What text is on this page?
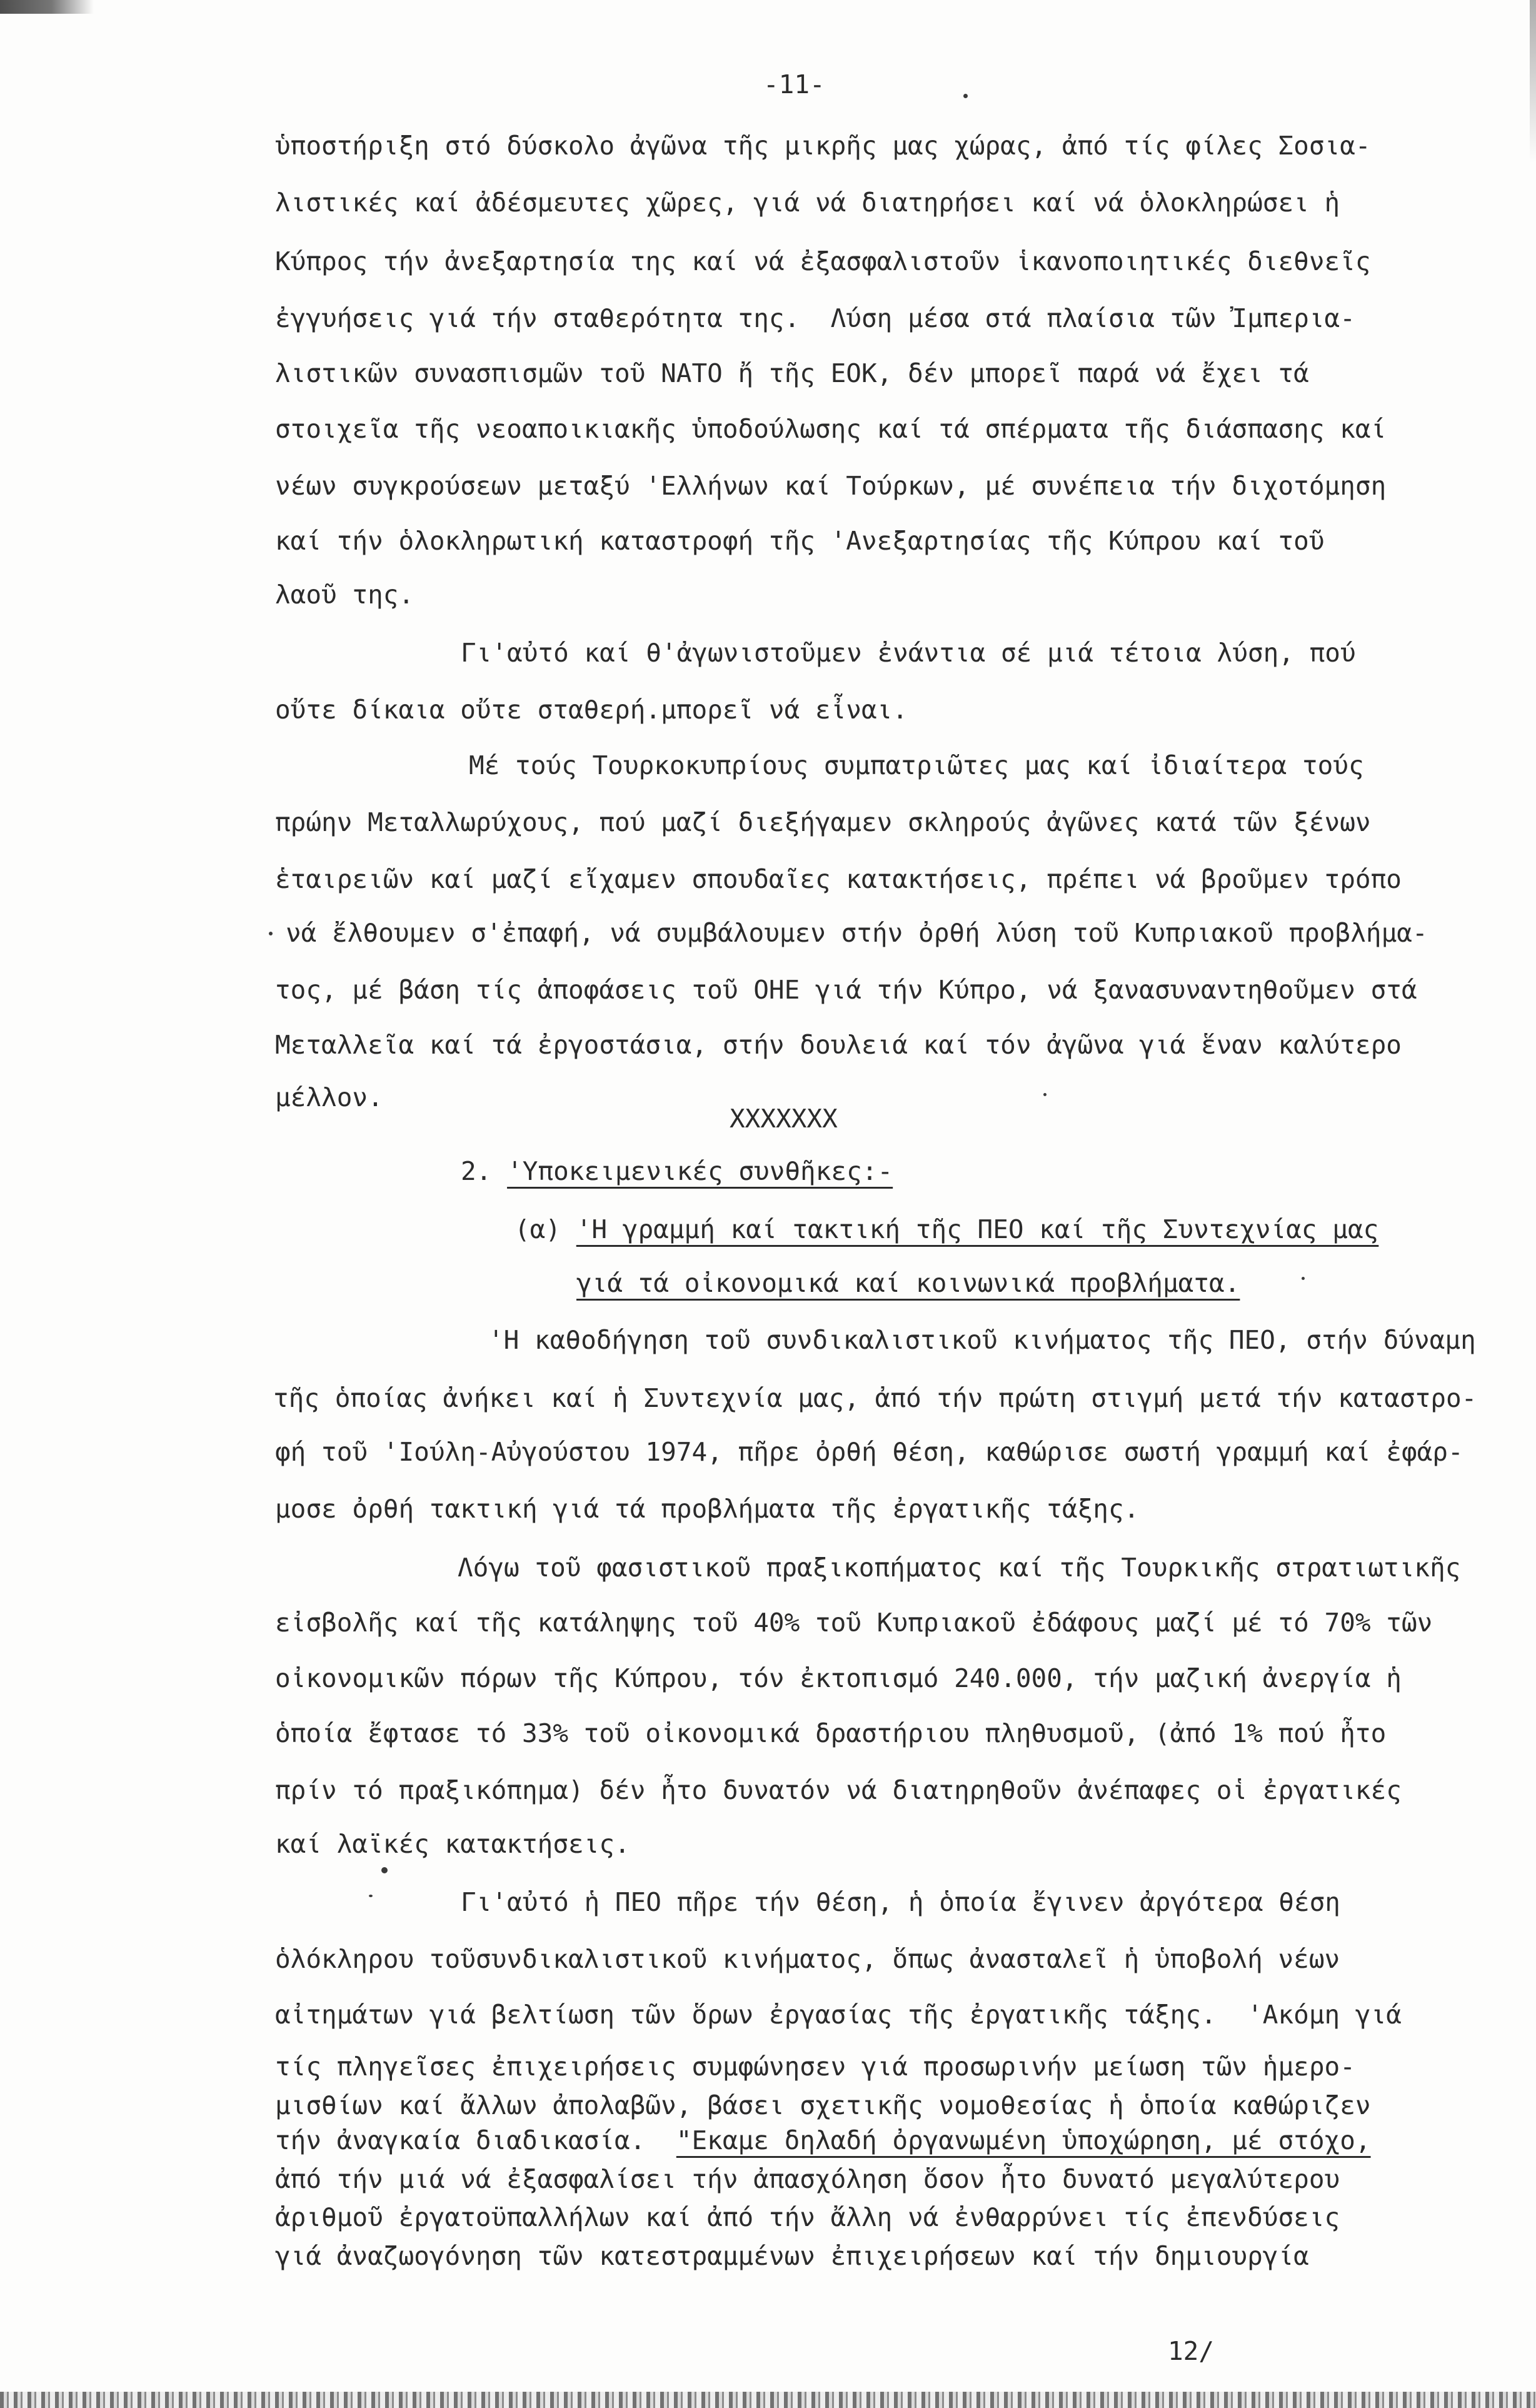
-11-
ὑποστήριξη στό δύσκολο ἀγῶνα τῆς μικρῆς μας χώρας, ἀπό τίς φίλες Σοσια-
λιστικές καί ἀδέσμευτες χῶρες, γιά νά διατηρήσει καί νά ὁλοκληρώσει ἡ
Κύπρος τήν ἀνεξαρτησία της καί νά ἐξασφαλιστοῦν ἱκανοποιητικές διεθνεῖς
ἐγγυήσεις γιά τήν σταθερότητα της.  Λύση μέσα στά πλαίσια τῶν Ἰμπερια-
λιστικῶν συνασπισμῶν τοῦ ΝΑΤΟ ἤ τῆς ΕΟΚ, δέν μπορεῖ παρά νά ἔχει τά
στοιχεῖα τῆς νεοαποικιακῆς ὑποδούλωσης καί τά σπέρματα τῆς διάσπασης καί
νέων συγκρούσεων μεταξύ 'Ελλήνων καί Τούρκων, μέ συνέπεια τήν διχοτόμηση
καί τήν ὁλοκληρωτική καταστροφή τῆς 'Ανεξαρτησίας τῆς Κύπρου καί τοῦ
λαοῦ της.
Γι'αὐτό καί θ'ἀγωνιστοῦμεν ἐνάντια σέ μιά τέτοια λύση, πού
οὔτε δίκαια οὔτε σταθερή.μπορεῖ νά εἶναι.
Μέ τούς Τουρκοκυπρίους συμπατριῶτες μας καί ἰδιαίτερα τούς
πρώην Μεταλλωρύχους, πού μαζί διεξήγαμεν σκληρούς ἀγῶνες κατά τῶν ξένων
ἑταιρειῶν καί μαζί εἴχαμεν σπουδαῖες κατακτήσεις, πρέπει νά βροῦμεν τρόπο
νά ἔλθουμεν σ'ἐπαφή, νά συμβάλουμεν στήν ὀρθή λύση τοῦ Κυπριακοῦ προβλήμα-
τος, μέ βάση τίς ἀποφάσεις τοῦ ΟΗΕ γιά τήν Κύπρο, νά ξανασυναντηθοῦμεν στά
Μεταλλεῖα καί τά ἐργοστάσια, στήν δουλειά καί τόν ἀγῶνα γιά ἕναν καλύτερο
μέλλον.
XXXXXXX
2. 'Υποκειμενικές συνθῆκες:-
(α) 'Η γραμμή καί τακτική τῆς ΠΕΟ καί τῆς Συντεχνίας μας
γιά τά οἰκονομικά καί κοινωνικά προβλήματα.
'Η καθοδήγηση τοῦ συνδικαλιστικοῦ κινήματος τῆς ΠΕΟ, στήν δύναμη
τῆς ὁποίας ἀνήκει καί ἡ Συντεχνία μας, ἀπό τήν πρώτη στιγμή μετά τήν καταστρο-
φή τοῦ 'Ιούλη-Αὐγούστου 1974, πῆρε ὀρθή θέση, καθώρισε σωστή γραμμή καί ἐφάρ-
μοσε ὀρθή τακτική γιά τά προβλήματα τῆς ἐργατικῆς τάξης.
Λόγω τοῦ φασιστικοῦ πραξικοπήματος καί τῆς Τουρκικῆς στρατιωτικῆς
εἰσβολῆς καί τῆς κατάληψης τοῦ 40% τοῦ Κυπριακοῦ ἐδάφους μαζί μέ τό 70% τῶν
οἰκονομικῶν πόρων τῆς Κύπρου, τόν ἐκτοπισμό 240.000, τήν μαζική ἀνεργία ἡ
ὁποία ἔφτασε τό 33% τοῦ οἰκονομικά δραστήριου πληθυσμοῦ, (ἀπό 1% πού ἦτο
πρίν τό πραξικόπημα) δέν ἦτο δυνατόν νά διατηρηθοῦν ἀνέπαφες οἱ ἐργατικές
καί λαϊκές κατακτήσεις.
Γι'αὐτό ἡ ΠΕΟ πῆρε τήν θέση, ἡ ὁποία ἔγινεν ἀργότερα θέση
ὁλόκληρου τοῦσυνδικαλιστικοῦ κινήματος, ὅπως ἀνασταλεῖ ἡ ὑποβολή νέων
αἰτημάτων γιά βελτίωση τῶν ὅρων ἐργασίας τῆς ἐργατικῆς τάξης.  'Ακόμη γιά
τίς πληγεῖσες ἐπιχειρήσεις συμφώνησεν γιά προσωρινήν μείωση τῶν ἡμερο-
μισθίων καί ἄλλων ἀπολαβῶν, βάσει σχετικῆς νομοθεσίας ἡ ὁποία καθώριζεν
τήν ἀναγκαία διαδικασία.  "Εκαμε δηλαδή ὀργανωμένη ὑποχώρηση, μέ στόχο,
ἀπό τήν μιά νά ἐξασφαλίσει τήν ἀπασχόληση ὅσον ἦτο δυνατό μεγαλύτερου
ἀριθμοῦ ἐργατοϋπαλλήλων καί ἀπό τήν ἄλλη νά ἐνθαρρύνει τίς ἐπενδύσεις
γιά ἀναζωογόνηση τῶν κατεστραμμένων ἐπιχειρήσεων καί τήν δημιουργία
12/
